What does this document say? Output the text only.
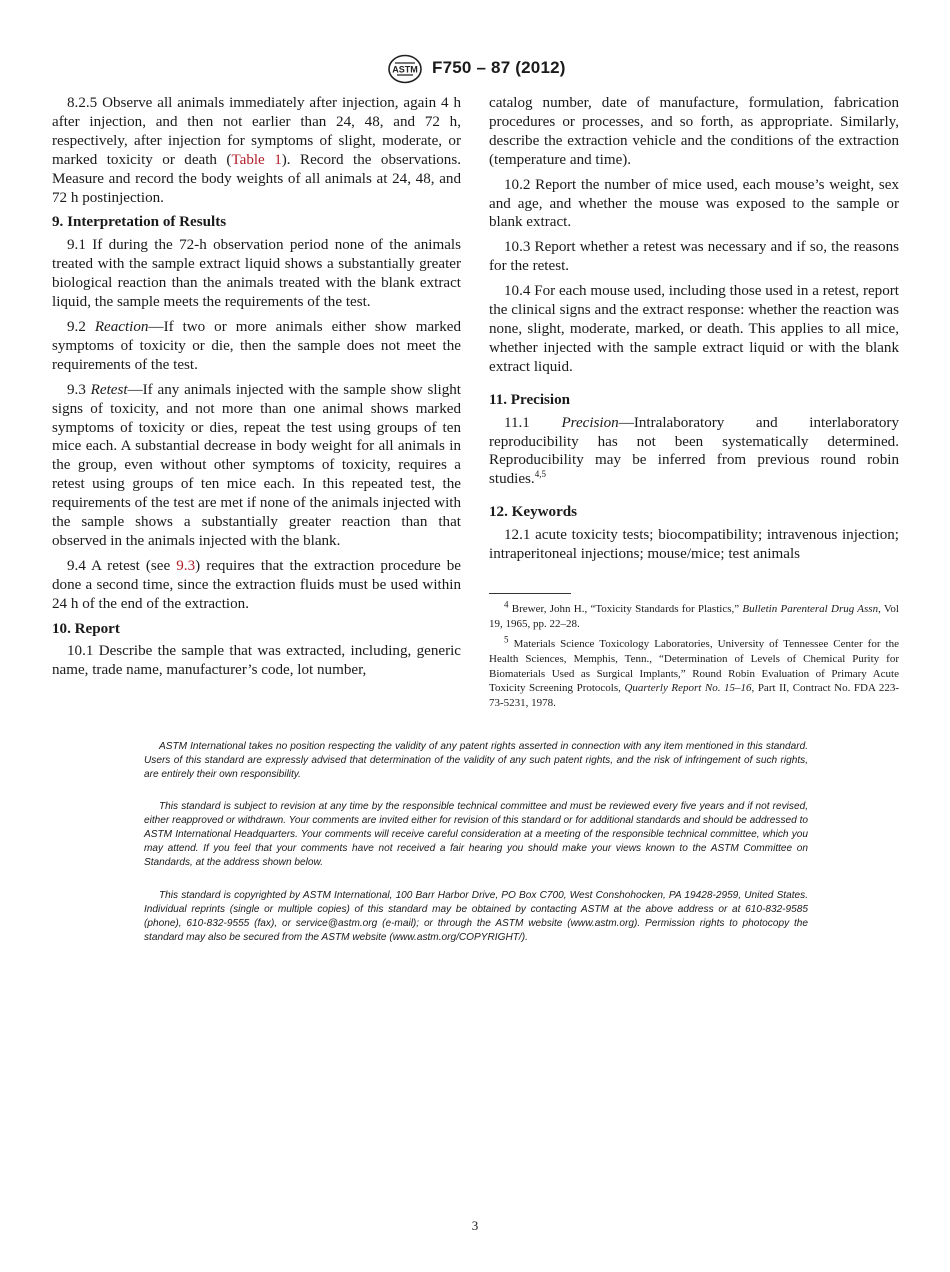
ASTM F750 – 87 (2012)

8.2.5 Observe all animals immediately after injection, again 4 h after injection, and then not earlier than 24, 48, and 72 h, respectively, after injection for symptoms of slight, moderate, or marked toxicity or death (Table 1). Record the observations. Measure and record the body weights of all animals at 24, 48, and 72 h postinjection.

9. Interpretation of Results

9.1 If during the 72-h observation period none of the animals treated with the sample extract liquid shows a substantially greater biological reaction than the animals treated with the blank extract liquid, the sample meets the requirements of the test.

9.2 Reaction—If two or more animals either show marked symptoms of toxicity or die, then the sample does not meet the requirements of the test.

9.3 Retest—If any animals injected with the sample show slight signs of toxicity, and not more than one animal shows marked symptoms of toxicity or dies, repeat the test using groups of ten mice each. A substantial decrease in body weight for all animals in the group, even without other symptoms of toxicity, requires a retest using groups of ten mice each. In this repeated test, the requirements of the test are met if none of the animals injected with the sample shows a substantially greater reaction than that observed in the animals injected with the blank.

9.4 A retest (see 9.3) requires that the extraction procedure be done a second time, since the extraction fluids must be used within 24 h of the end of the extraction.

10. Report

10.1 Describe the sample that was extracted, including, generic name, trade name, manufacturer’s code, lot number,

catalog number, date of manufacture, formulation, fabrication procedures or processes, and so forth, as appropriate. Similarly, describe the extraction vehicle and the conditions of the extraction (temperature and time).

10.2 Report the number of mice used, each mouse’s weight, sex and age, and whether the mouse was exposed to the sample or blank extract.

10.3 Report whether a retest was necessary and if so, the reasons for the retest.

10.4 For each mouse used, including those used in a retest, report the clinical signs and the extract response: whether the reaction was none, slight, moderate, marked, or death. This applies to all mice, whether injected with the sample extract liquid or with the blank extract liquid.

11. Precision

11.1 Precision—Intralaboratory and interlaboratory reproducibility has not been systematically determined. Reproducibility may be inferred from previous round robin studies.$^{4,5}$

12. Keywords

12.1 acute toxicity tests; biocompatibility; intravenous injection; intraperitoneal injections; mouse/mice; test animals

$^4$ Brewer, John H., “Toxicity Standards for Plastics,” Bulletin Parenteral Drug Assn, Vol 19, 1965, pp. 22–28.

$^5$ Materials Science Toxicology Laboratories, University of Tennessee Center for the Health Sciences, Memphis, Tenn., “Determination of Levels of Chemical Purity for Biomaterials Used as Surgical Implants,” Round Robin Evaluation of Primary Acute Toxicity Screening Protocols, Quarterly Report No. 15–16, Part II, Contract No. FDA 223-73-5231, 1978.

ASTM International takes no position respecting the validity of any patent rights asserted in connection with any item mentioned in this standard. Users of this standard are expressly advised that determination of the validity of any such patent rights, and the risk of infringement of such rights, are entirely their own responsibility.

This standard is subject to revision at any time by the responsible technical committee and must be reviewed every five years and if not revised, either reapproved or withdrawn. Your comments are invited either for revision of this standard or for additional standards and should be addressed to ASTM International Headquarters. Your comments will receive careful consideration at a meeting of the responsible technical committee, which you may attend. If you feel that your comments have not received a fair hearing you should make your views known to the ASTM Committee on Standards, at the address shown below.

This standard is copyrighted by ASTM International, 100 Barr Harbor Drive, PO Box C700, West Conshohocken, PA 19428-2959, United States. Individual reprints (single or multiple copies) of this standard may be obtained by contacting ASTM at the above address or at 610-832-9585 (phone), 610-832-9555 (fax), or service@astm.org (e-mail); or through the ASTM website (www.astm.org). Permission rights to photocopy the standard may also be secured from the ASTM website (www.astm.org/COPYRIGHT/).

3
